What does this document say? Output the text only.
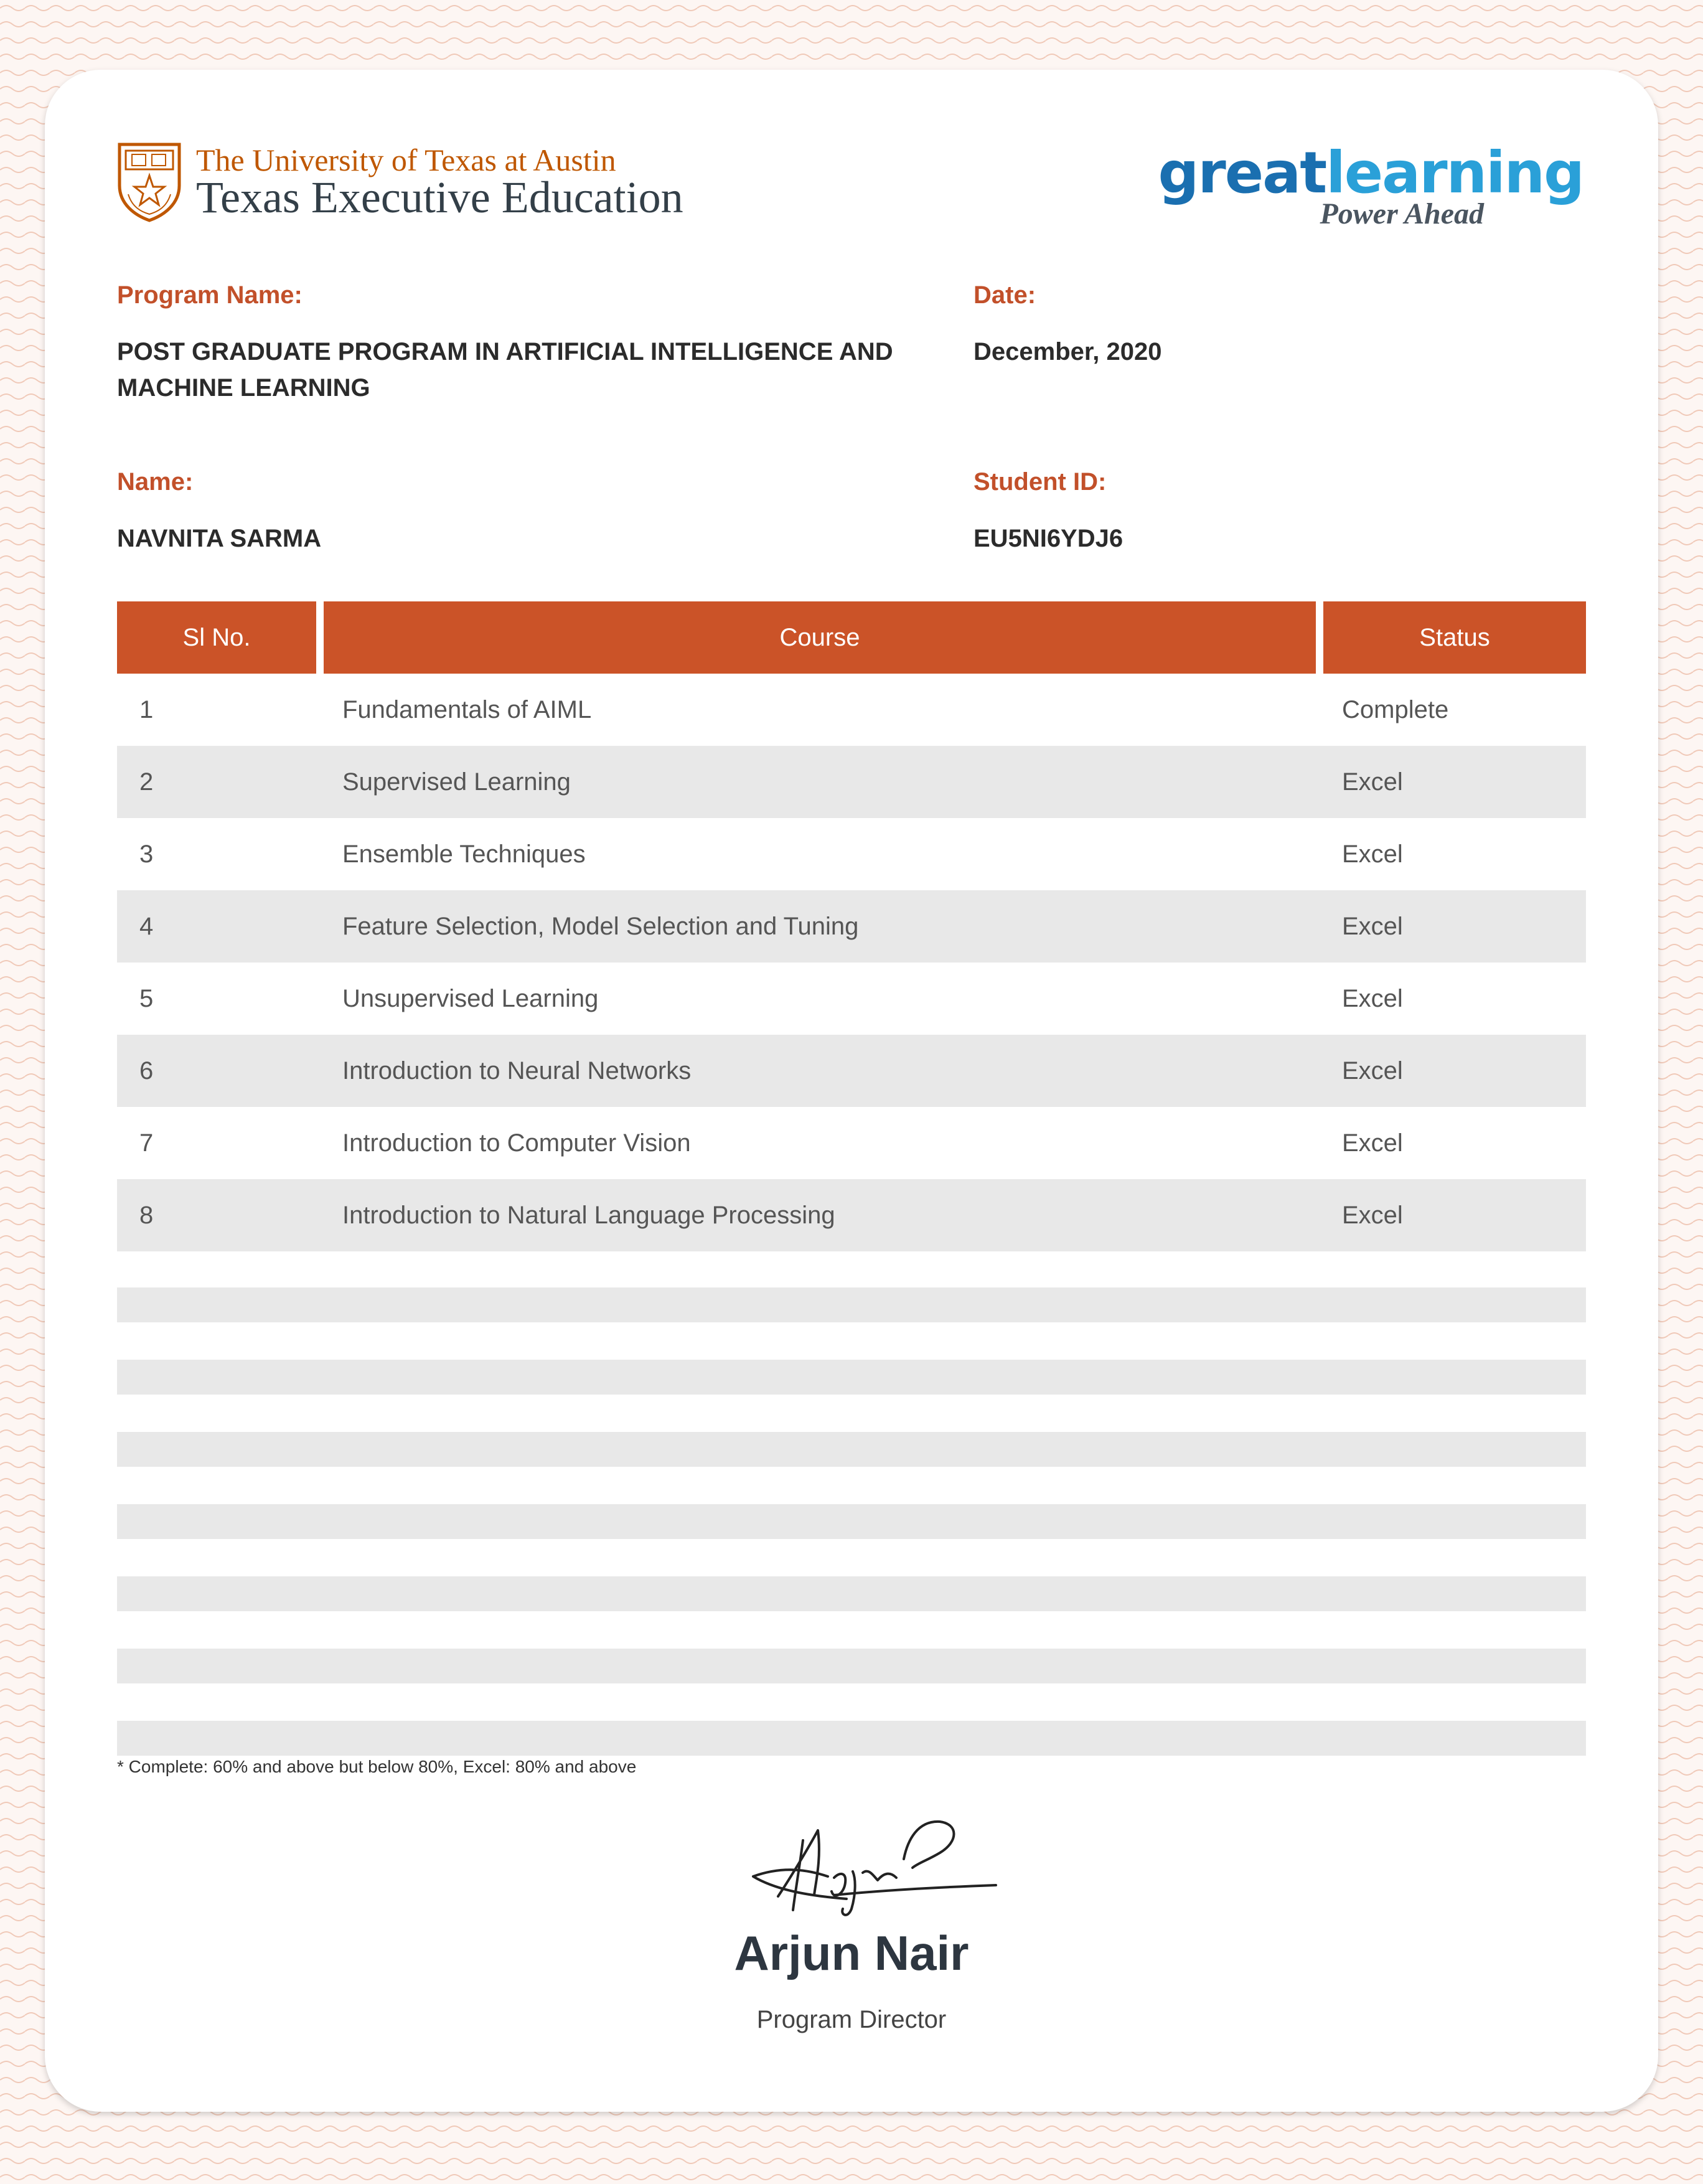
The University of Texas at Austin
Texas Executive Education	greatlearning
Power Ahead
Program Name:
POST GRADUATE PROGRAM IN ARTIFICIAL INTELLIGENCE AND MACHINE LEARNING
Date:
December, 2020
Name:
NAVNITA SARMA
Student ID:
EU5NI6YDJ6
Sl No.	Course	Status
1	Fundamentals of AIML	Complete
2	Supervised Learning	Excel
3	Ensemble Techniques	Excel
4	Feature Selection, Model Selection and Tuning	Excel
5	Unsupervised Learning	Excel
6	Introduction to Neural Networks	Excel
7	Introduction to Computer Vision	Excel
8	Introduction to Natural Language Processing	Excel
* Complete: 60% and above but below 80%, Excel: 80% and above
Arjun Nair
Program Director
